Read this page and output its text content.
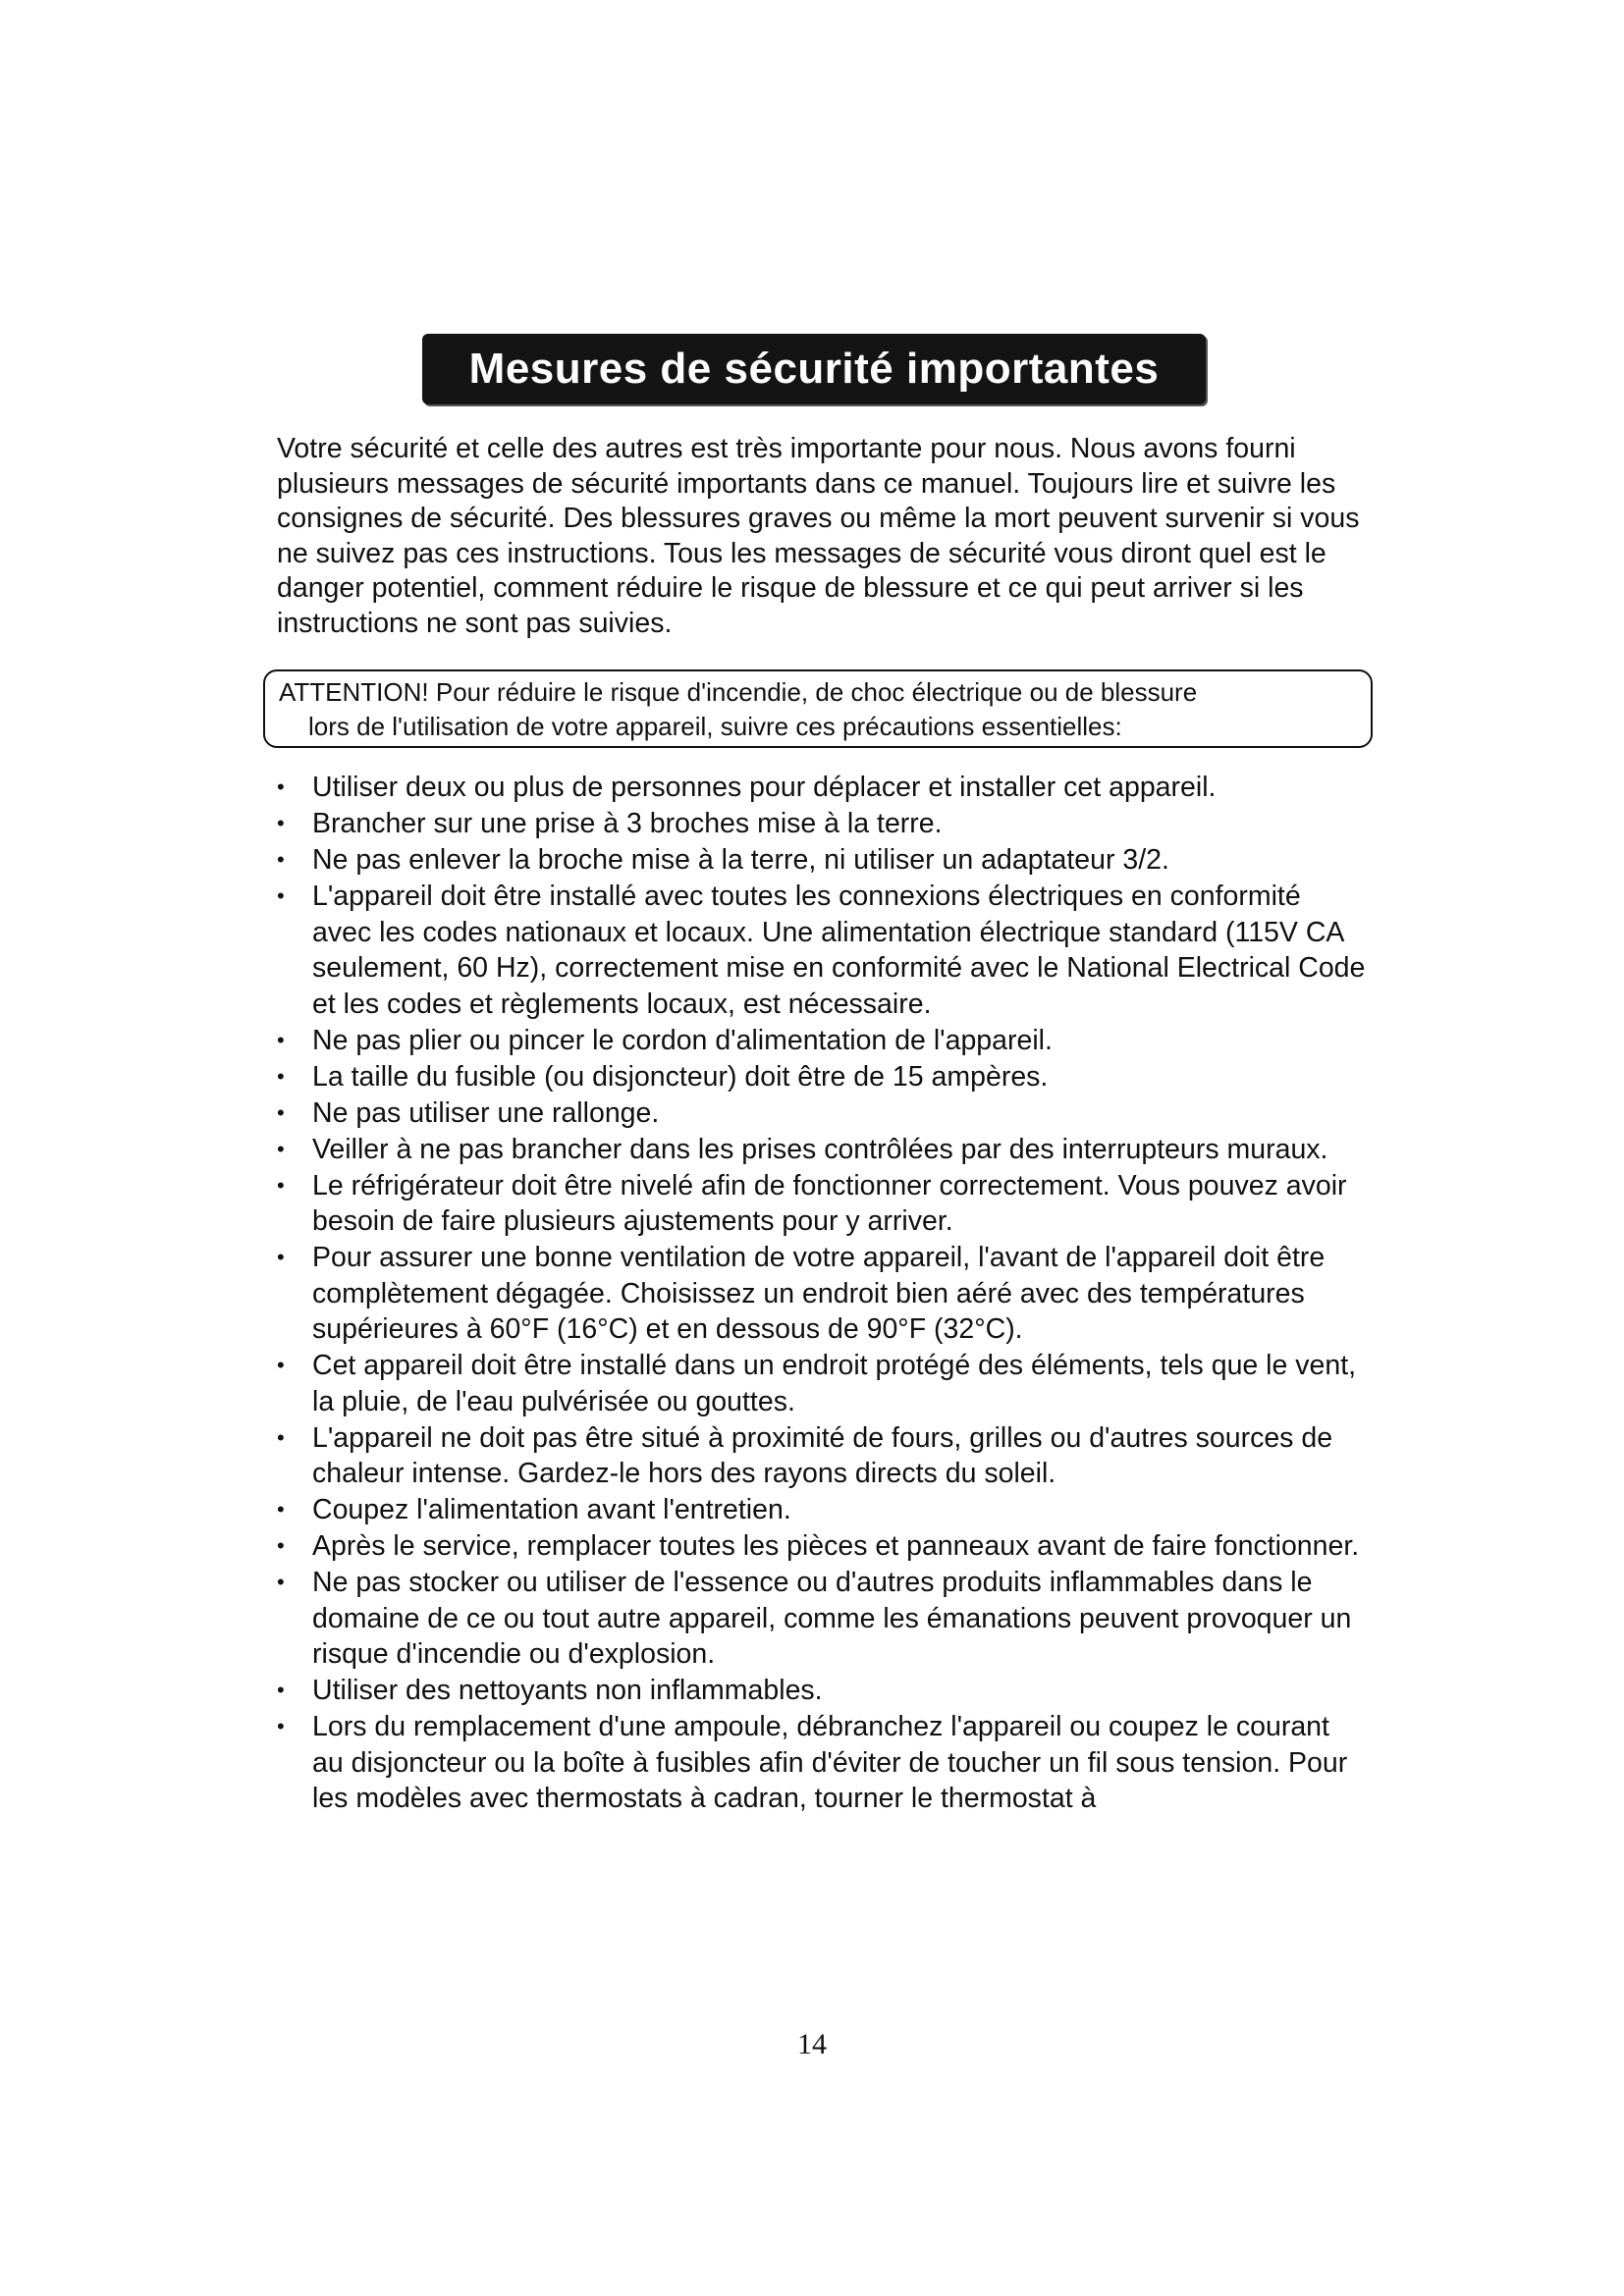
Mesures de sécurité importantes

Votre sécurité et celle des autres est très importante pour nous. Nous avons fourni plusieurs messages de sécurité importants dans ce manuel. Toujours lire et suivre les consignes de sécurité. Des blessures graves ou même la mort peuvent survenir si vous ne suivez pas ces instructions. Tous les messages de sécurité vous diront quel est le danger potentiel, comment réduire le risque de blessure et ce qui peut arriver si les instructions ne sont pas suivies.

ATTENTION! Pour réduire le risque d'incendie, de choc électrique ou de blessure
lors de l'utilisation de votre appareil, suivre ces précautions essentielles:
• Utiliser deux ou plus de personnes pour déplacer et installer cet appareil.
• Brancher sur une prise à 3 broches mise à la terre.
• Ne pas enlever la broche mise à la terre, ni utiliser un adaptateur 3/2.
• L'appareil doit être installé avec toutes les connexions électriques en conformité avec les codes nationaux et locaux. Une alimentation électrique standard (115V CA seulement, 60 Hz), correctement mise en conformité avec le National Electrical Code et les codes et règlements locaux, est nécessaire.
• Ne pas plier ou pincer le cordon d'alimentation de l'appareil.
• La taille du fusible (ou disjoncteur) doit être de 15 ampères.
• Ne pas utiliser une rallonge.
• Veiller à ne pas brancher dans les prises contrôlées par des interrupteurs muraux.
• Le réfrigérateur doit être nivelé afin de fonctionner correctement. Vous pouvez avoir besoin de faire plusieurs ajustements pour y arriver.
• Pour assurer une bonne ventilation de votre appareil, l'avant de l'appareil doit être complètement dégagée. Choisissez un endroit bien aéré avec des températures supérieures à 60°F (16°C) et en dessous de 90°F (32°C).
• Cet appareil doit être installé dans un endroit protégé des éléments, tels que le vent, la pluie, de l'eau pulvérisée ou gouttes.
• L'appareil ne doit pas être situé à proximité de fours, grilles ou d'autres sources de chaleur intense. Gardez-le hors des rayons directs du soleil.
• Coupez l'alimentation avant l'entretien.
• Après le service, remplacer toutes les pièces et panneaux avant de faire fonctionner.
• Ne pas stocker ou utiliser de l'essence ou d'autres produits inflammables dans le domaine de ce ou tout autre appareil, comme les émanations peuvent provoquer un risque d'incendie ou d'explosion.
• Utiliser des nettoyants non inflammables.
• Lors du remplacement d'une ampoule, débranchez l'appareil ou coupez le courant au disjoncteur ou la boîte à fusibles afin d'éviter de toucher un fil sous tension. Pour les modèles avec thermostats à cadran, tourner le thermostat à
14
